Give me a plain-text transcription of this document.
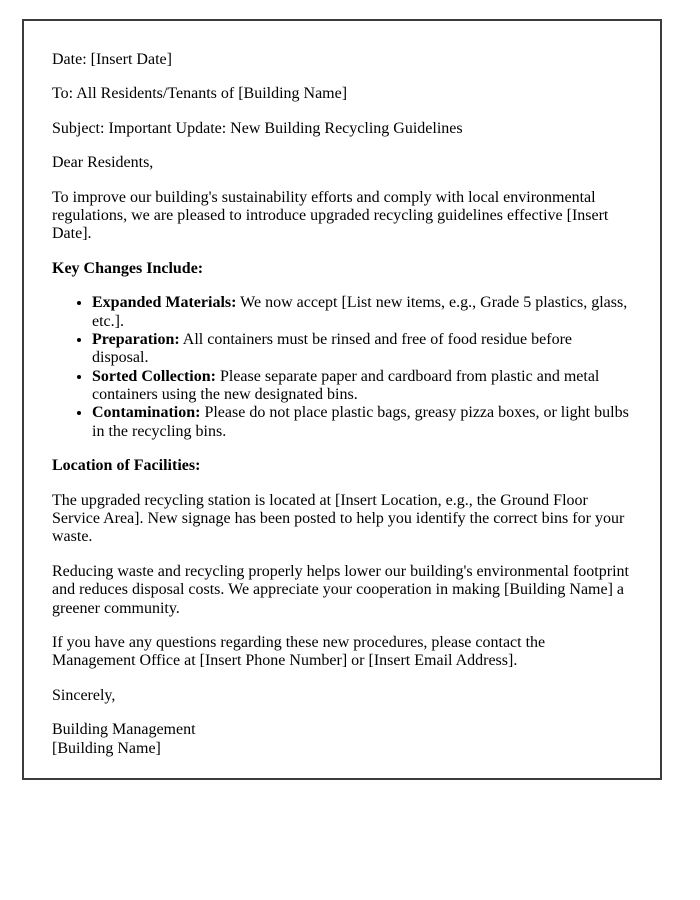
Date: [Insert Date]

To: All Residents/Tenants of [Building Name]

Subject: Important Update: New Building Recycling Guidelines

Dear Residents,

To improve our building's sustainability efforts and comply with local environmental regulations, we are pleased to introduce upgraded recycling guidelines effective [Insert Date].

Key Changes Include:

• Expanded Materials: We now accept [List new items, e.g., Grade 5 plastics, glass, etc.].
• Preparation: All containers must be rinsed and free of food residue before disposal.
• Sorted Collection: Please separate paper and cardboard from plastic and metal containers using the new designated bins.
• Contamination: Please do not place plastic bags, greasy pizza boxes, or light bulbs in the recycling bins.

Location of Facilities:

The upgraded recycling station is located at [Insert Location, e.g., the Ground Floor Service Area]. New signage has been posted to help you identify the correct bins for your waste.

Reducing waste and recycling properly helps lower our building's environmental footprint and reduces disposal costs. We appreciate your cooperation in making [Building Name] a greener community.

If you have any questions regarding these new procedures, please contact the Management Office at [Insert Phone Number] or [Insert Email Address].

Sincerely,

Building Management
[Building Name]
